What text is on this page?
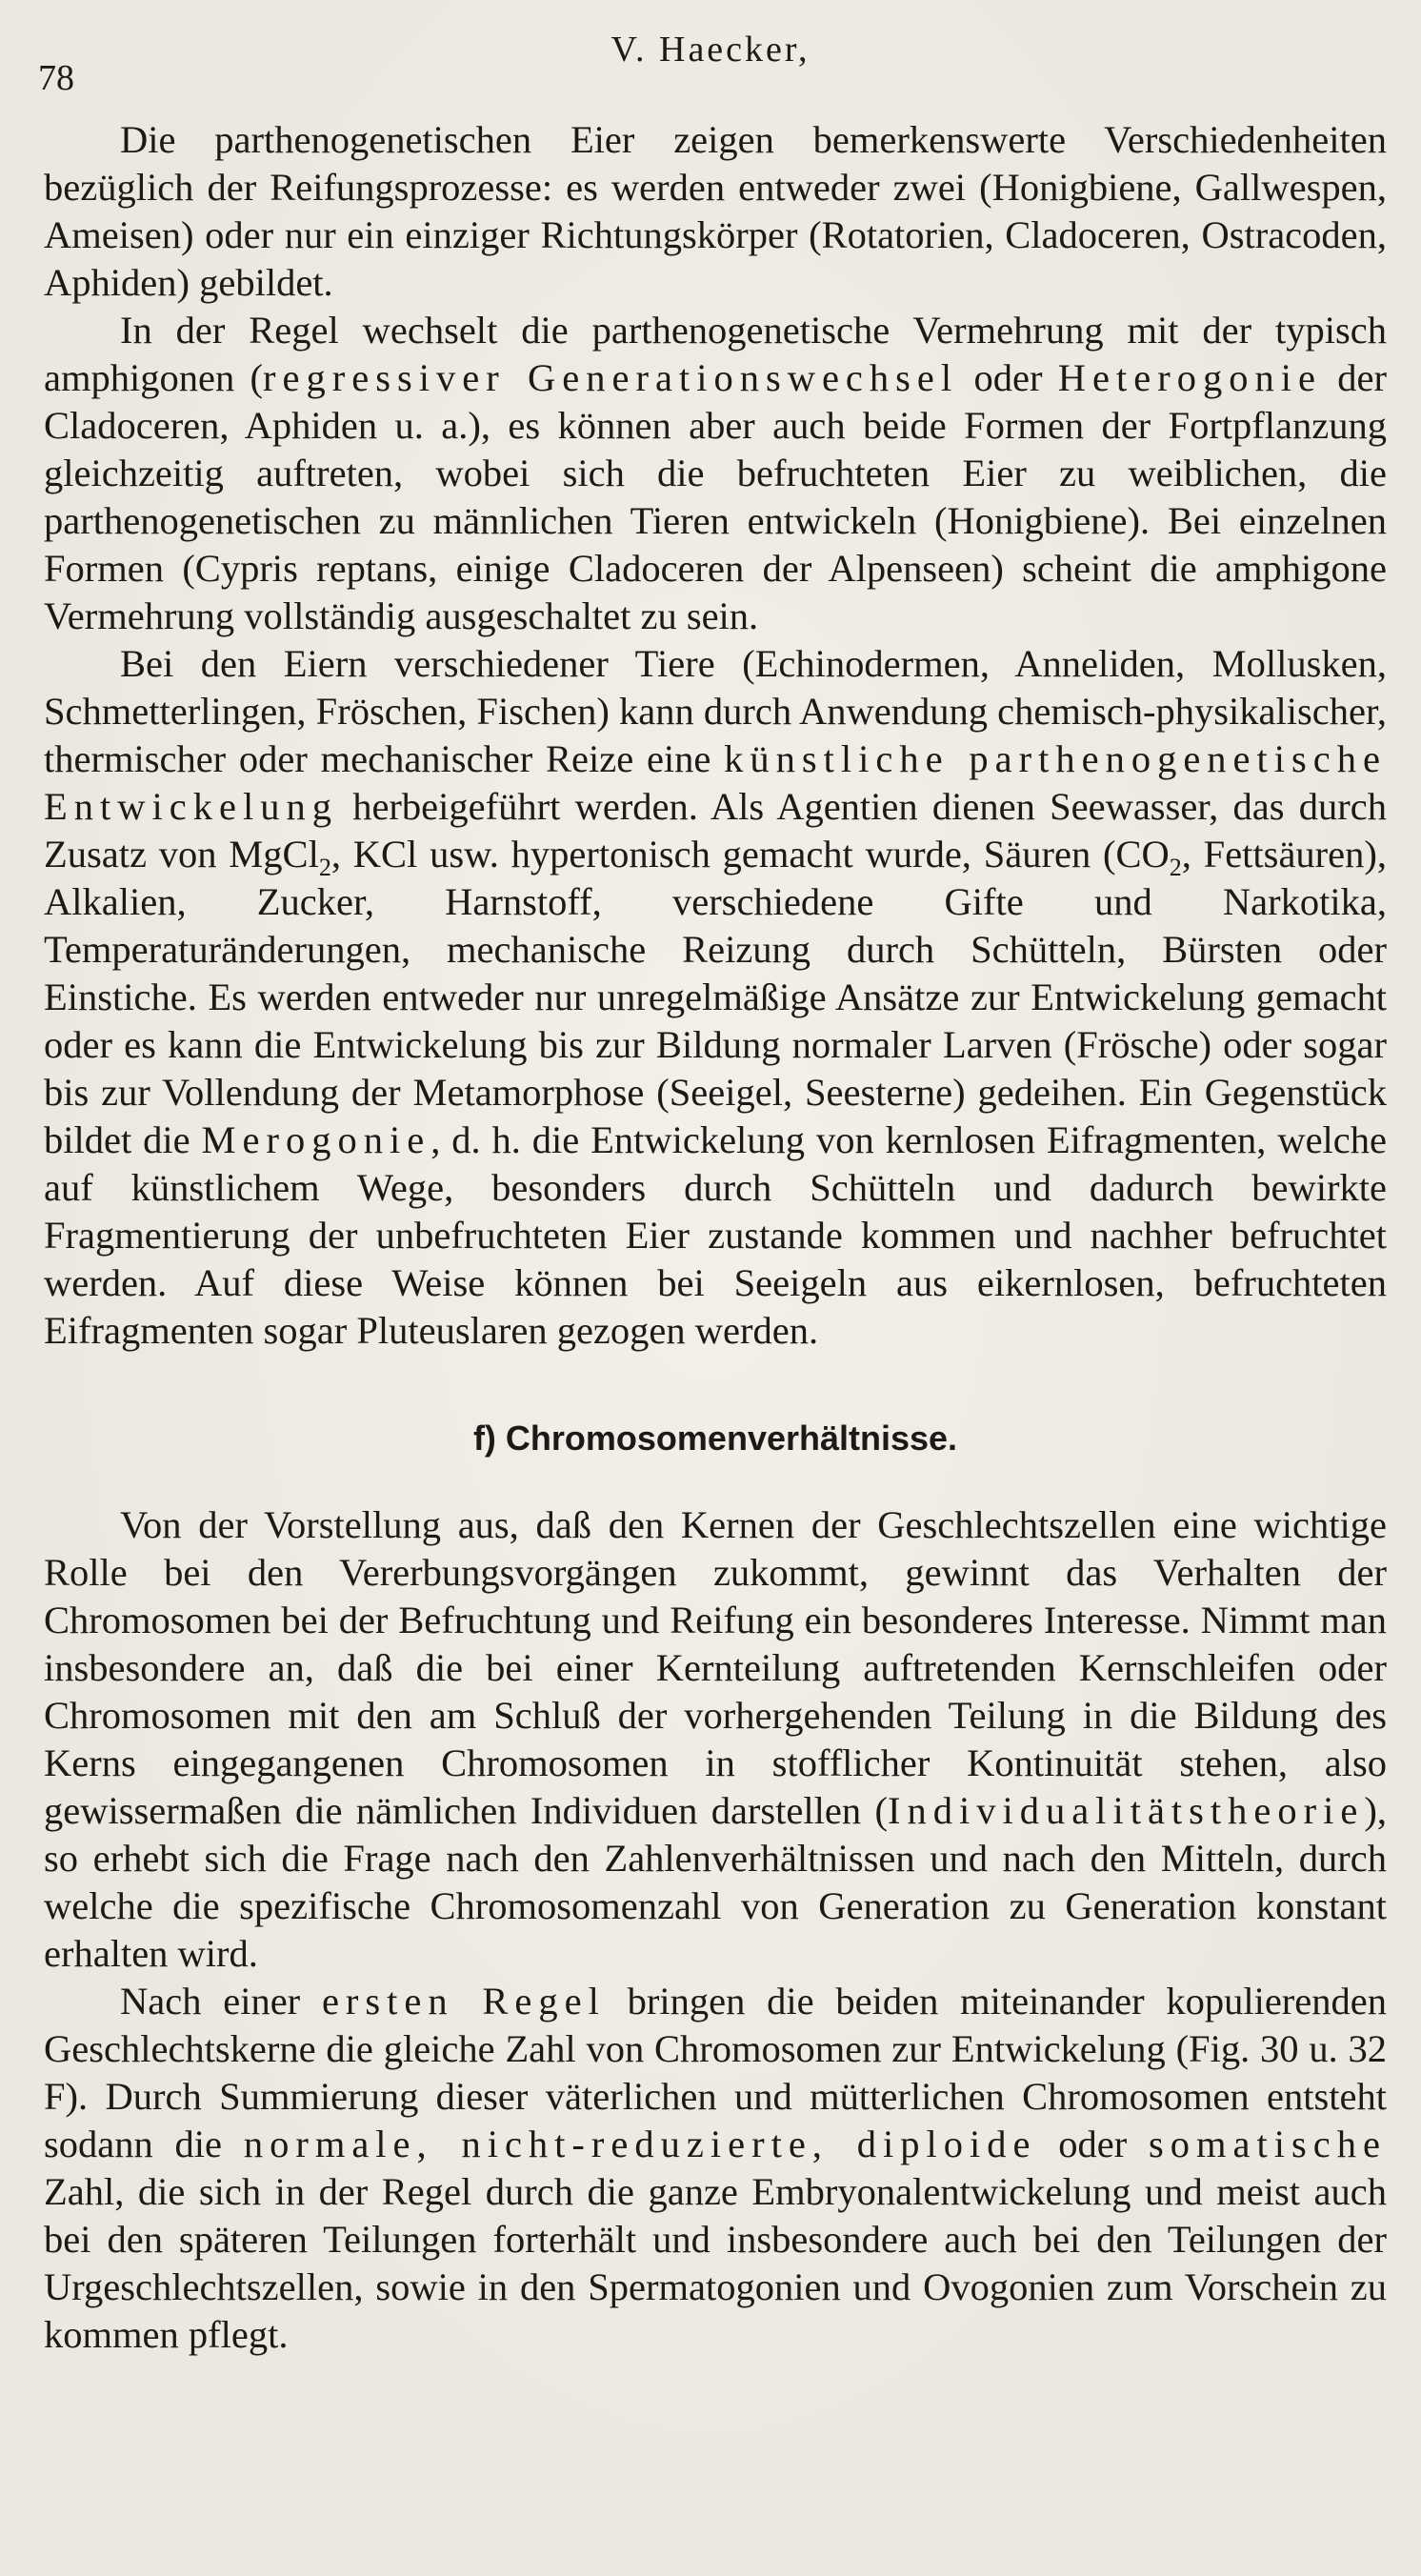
V. Haecker,
78

Die parthenogenetischen Eier zeigen bemerkenswerte Verschiedenheiten bezüglich der Reifungsprozesse: es werden entweder zwei (Honigbiene, Gallwespen, Ameisen) oder nur ein einziger Richtungskörper (Rotatorien, Cladoceren, Ostracoden, Aphiden) gebildet.

In der Regel wechselt die parthenogenetische Vermehrung mit der typisch amphigonen (regressiver Generationswechsel oder Heterogonie der Cladoceren, Aphiden u. a.), es können aber auch beide Formen der Fortpflanzung gleichzeitig auftreten, wobei sich die befruchteten Eier zu weiblichen, die parthenogenetischen zu männlichen Tieren entwickeln (Honigbiene). Bei einzelnen Formen (Cypris reptans, einige Cladoceren der Alpenseen) scheint die amphigone Vermehrung vollständig ausgeschaltet zu sein.

Bei den Eiern verschiedener Tiere (Echinodermen, Anneliden, Mollusken, Schmetterlingen, Fröschen, Fischen) kann durch Anwendung chemisch-physikalischer, thermischer oder mechanischer Reize eine künstliche parthenogenetische Entwickelung herbeigeführt werden. Als Agentien dienen Seewasser, das durch Zusatz von MgCl$_2$, KCl usw. hypertonisch gemacht wurde, Säuren ($CO_2$, Fettsäuren), Alkalien, Zucker, Harnstoff, verschiedene Gifte und Narkotika, Temperaturänderungen, mechanische Reizung durch Schütteln, Bürsten oder Einstiche. Es werden entweder nur unregelmäßige Ansätze zur Entwickelung gemacht oder es kann die Entwickelung bis zur Bildung normaler Larven (Frösche) oder sogar bis zur Vollendung der Metamorphose (Seeigel, Seesterne) gedeihen. Ein Gegenstück bildet die Merogonie, d. h. die Entwickelung von kernlosen Eifragmenten, welche auf künstlichem Wege, besonders durch Schütteln und dadurch bewirkte Fragmentierung der unbefruchteten Eier zustande kommen und nachher befruchtet werden. Auf diese Weise können bei Seeigeln aus eikernlosen, befruchteten Eifragmenten sogar Pluteuslaren gezogen werden.

f) Chromosomenverhältnisse.

Von der Vorstellung aus, daß den Kernen der Geschlechtszellen eine wichtige Rolle bei den Vererbungsvorgängen zukommt, gewinnt das Verhalten der Chromosomen bei der Befruchtung und Reifung ein besonderes Interesse. Nimmt man insbesondere an, daß die bei einer Kernteilung auftretenden Kernschleifen oder Chromosomen mit den am Schluß der vorhergehenden Teilung in die Bildung des Kerns eingegangenen Chromosomen in stofflicher Kontinuität stehen, also gewissermaßen die nämlichen Individuen darstellen (Individualitätstheorie), so erhebt sich die Frage nach den Zahlenverhältnissen und nach den Mitteln, durch welche die spezifische Chromosomenzahl von Generation zu Generation konstant erhalten wird.

Nach einer ersten Regel bringen die beiden miteinander kopulierenden Geschlechtskerne die gleiche Zahl von Chromosomen zur Entwickelung (Fig. 30 u. 32 F). Durch Summierung dieser väterlichen und mütterlichen Chromosomen entsteht sodann die normale, nicht-reduzierte, diploide oder somatische Zahl, die sich in der Regel durch die ganze Embryonalentwickelung und meist auch bei den späteren Teilungen forterhält und insbesondere auch bei den Teilungen der Urgeschlechtszellen, sowie in den Spermatogonien und Ovogonien zum Vorschein zu kommen pflegt.
